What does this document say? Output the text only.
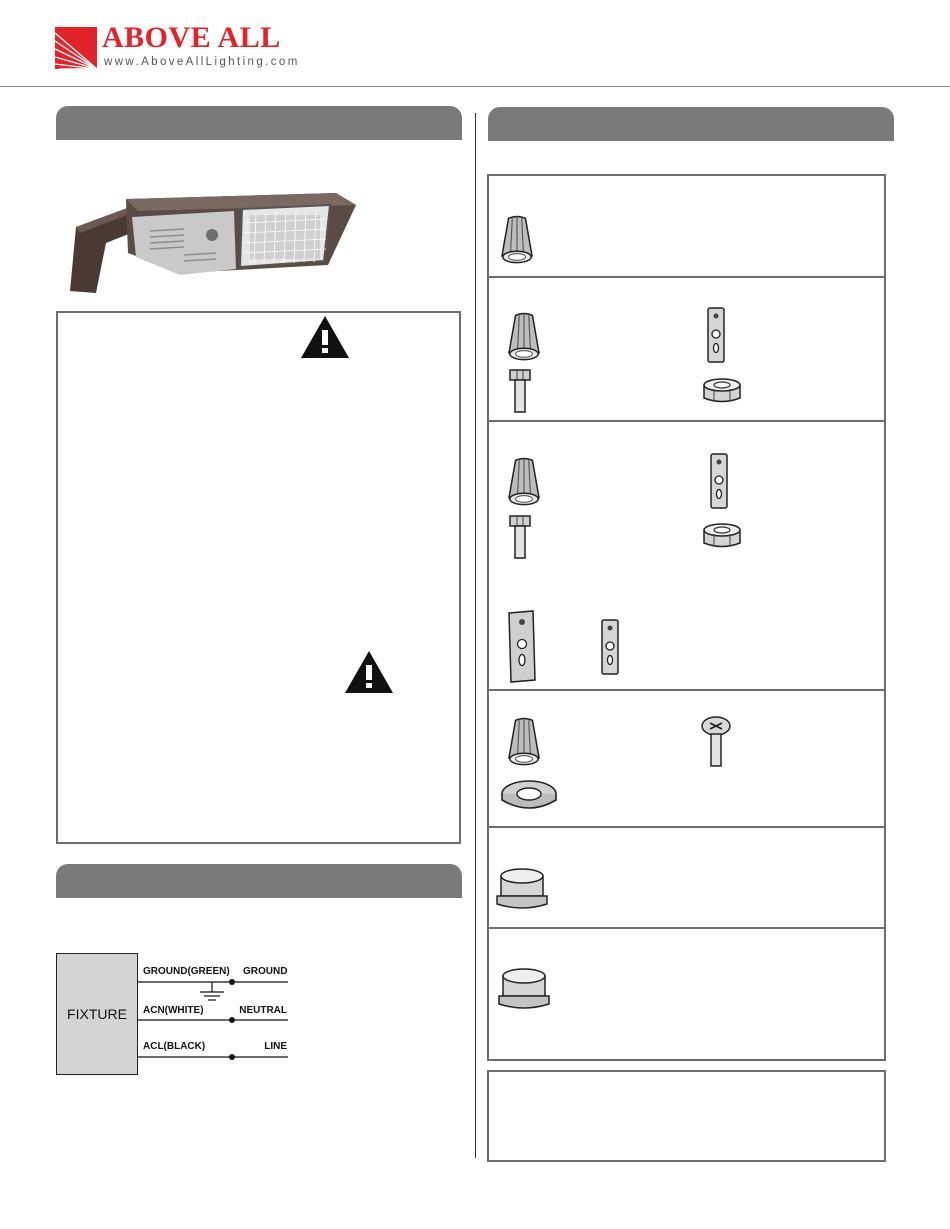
ABOVE ALL
www.AboveAllLighting.com
FIXTURE
GROUND(GREEN) GROUND
ACN(WHITE)	NEUTRAL
ACL(BLACK)	LINE
